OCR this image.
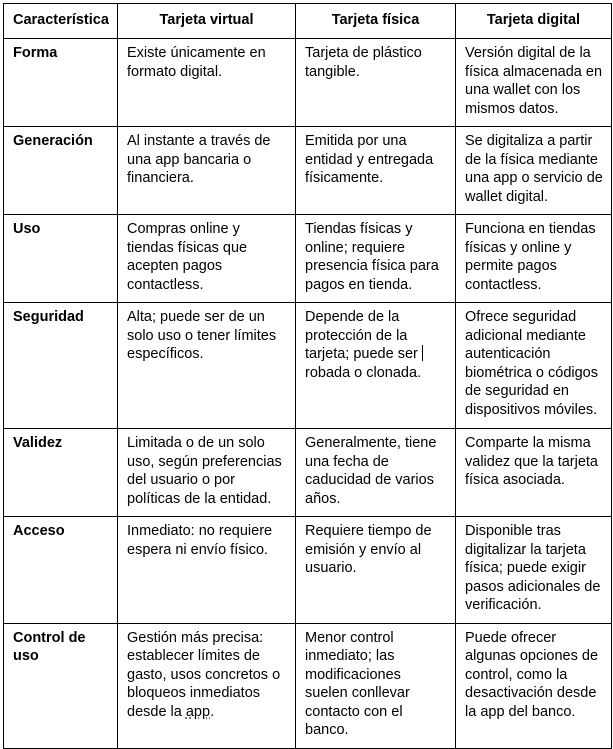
Característica	Tarjeta virtual	Tarjeta física	Tarjeta digital
Forma	Existe únicamente en formato digital.	Tarjeta de plástico tangible.	Versión digital de la física almacenada en una wallet con los mismos datos.
Generación	Al instante a través de una app bancaria o financiera.	Emitida por una entidad y entregada físicamente.	Se digitaliza a partir de la física mediante una app o servicio de wallet digital.
Uso	Compras online y tiendas físicas que acepten pagos contactless.	Tiendas físicas y online; requiere presencia física para pagos en tienda.	Funciona en tiendas físicas y online y permite pagos contactless.
Seguridad	Alta; puede ser de un solo uso o tener límites específicos.	Depende de la protección de la tarjeta; puede ser robada o clonada.	Ofrece seguridad adicional mediante autenticación biométrica o códigos de seguridad en dispositivos móviles.
Validez	Limitada o de un solo uso, según preferencias del usuario o por políticas de la entidad.	Generalmente, tiene una fecha de caducidad de varios años.	Comparte la misma validez que la tarjeta física asociada.
Acceso	Inmediato: no requiere espera ni envío físico.	Requiere tiempo de emisión y envío al usuario.	Disponible tras digitalizar la tarjeta física; puede exigir pasos adicionales de verificación.
Control de uso	Gestión más precisa: establecer límites de gasto, usos concretos o bloqueos inmediatos desde la app.	Menor control inmediato; las modificaciones suelen conllevar contacto con el banco.	Puede ofrecer algunas opciones de control, como la desactivación desde la app del banco.
